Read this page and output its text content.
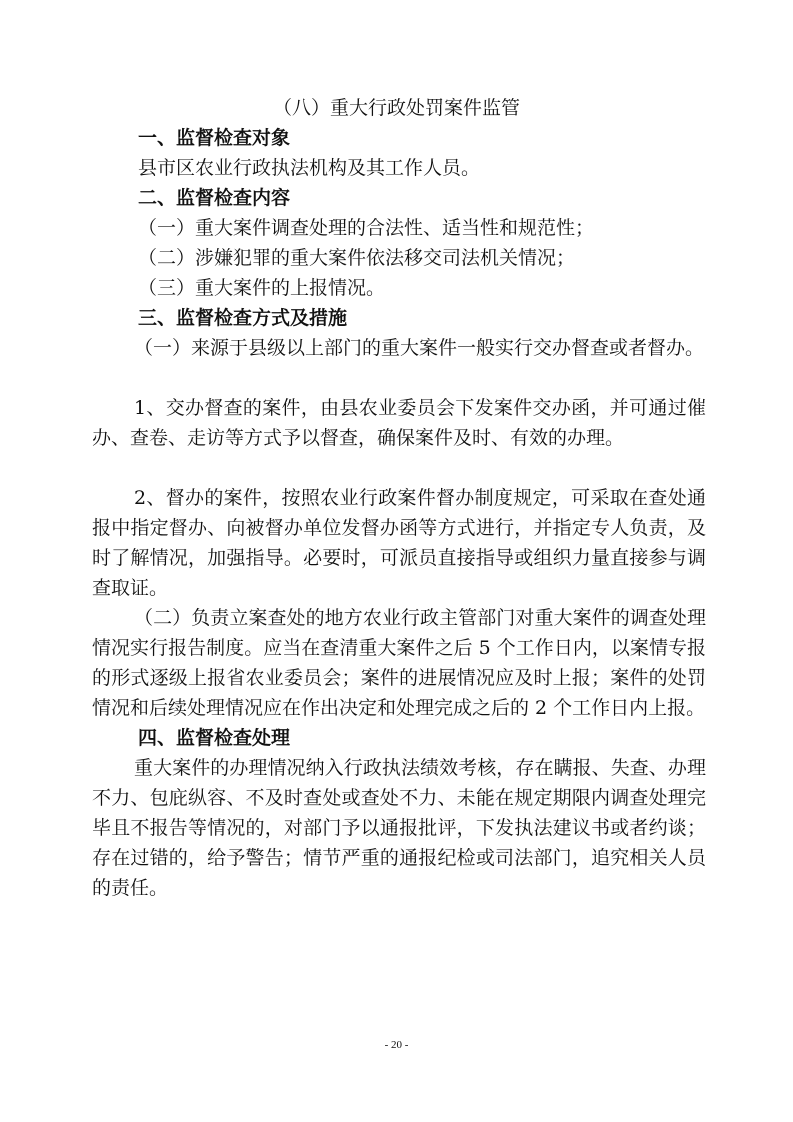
（八）重大行政处罚案件监管
一、监督检查对象
县市区农业行政执法机构及其工作人员。
二、监督检查内容
（一）重大案件调查处理的合法性、适当性和规范性；
（二）涉嫌犯罪的重大案件依法移交司法机关情况；
（三）重大案件的上报情况。
三、监督检查方式及措施
（一）来源于县级以上部门的重大案件一般实行交办督查或者督办。
1、交办督查的案件，由县农业委员会下发案件交办函，并可通过催办、查卷、走访等方式予以督查，确保案件及时、有效的办理。
2、督办的案件，按照农业行政案件督办制度规定，可采取在查处通报中指定督办、向被督办单位发督办函等方式进行，并指定专人负责，及时了解情况，加强指导。必要时，可派员直接指导或组织力量直接参与调查取证。
（二）负责立案查处的地方农业行政主管部门对重大案件的调查处理情况实行报告制度。应当在查清重大案件之后 5 个工作日内，以案情专报的形式逐级上报省农业委员会；案件的进展情况应及时上报；案件的处罚情况和后续处理情况应在作出决定和处理完成之后的 2 个工作日内上报。
四、监督检查处理
重大案件的办理情况纳入行政执法绩效考核，存在瞒报、失查、办理不力、包庇纵容、不及时查处或查处不力、未能在规定期限内调查处理完毕且不报告等情况的，对部门予以通报批评，下发执法建议书或者约谈；存在过错的，给予警告；情节严重的通报纪检或司法部门，追究相关人员的责任。
- 20 -
